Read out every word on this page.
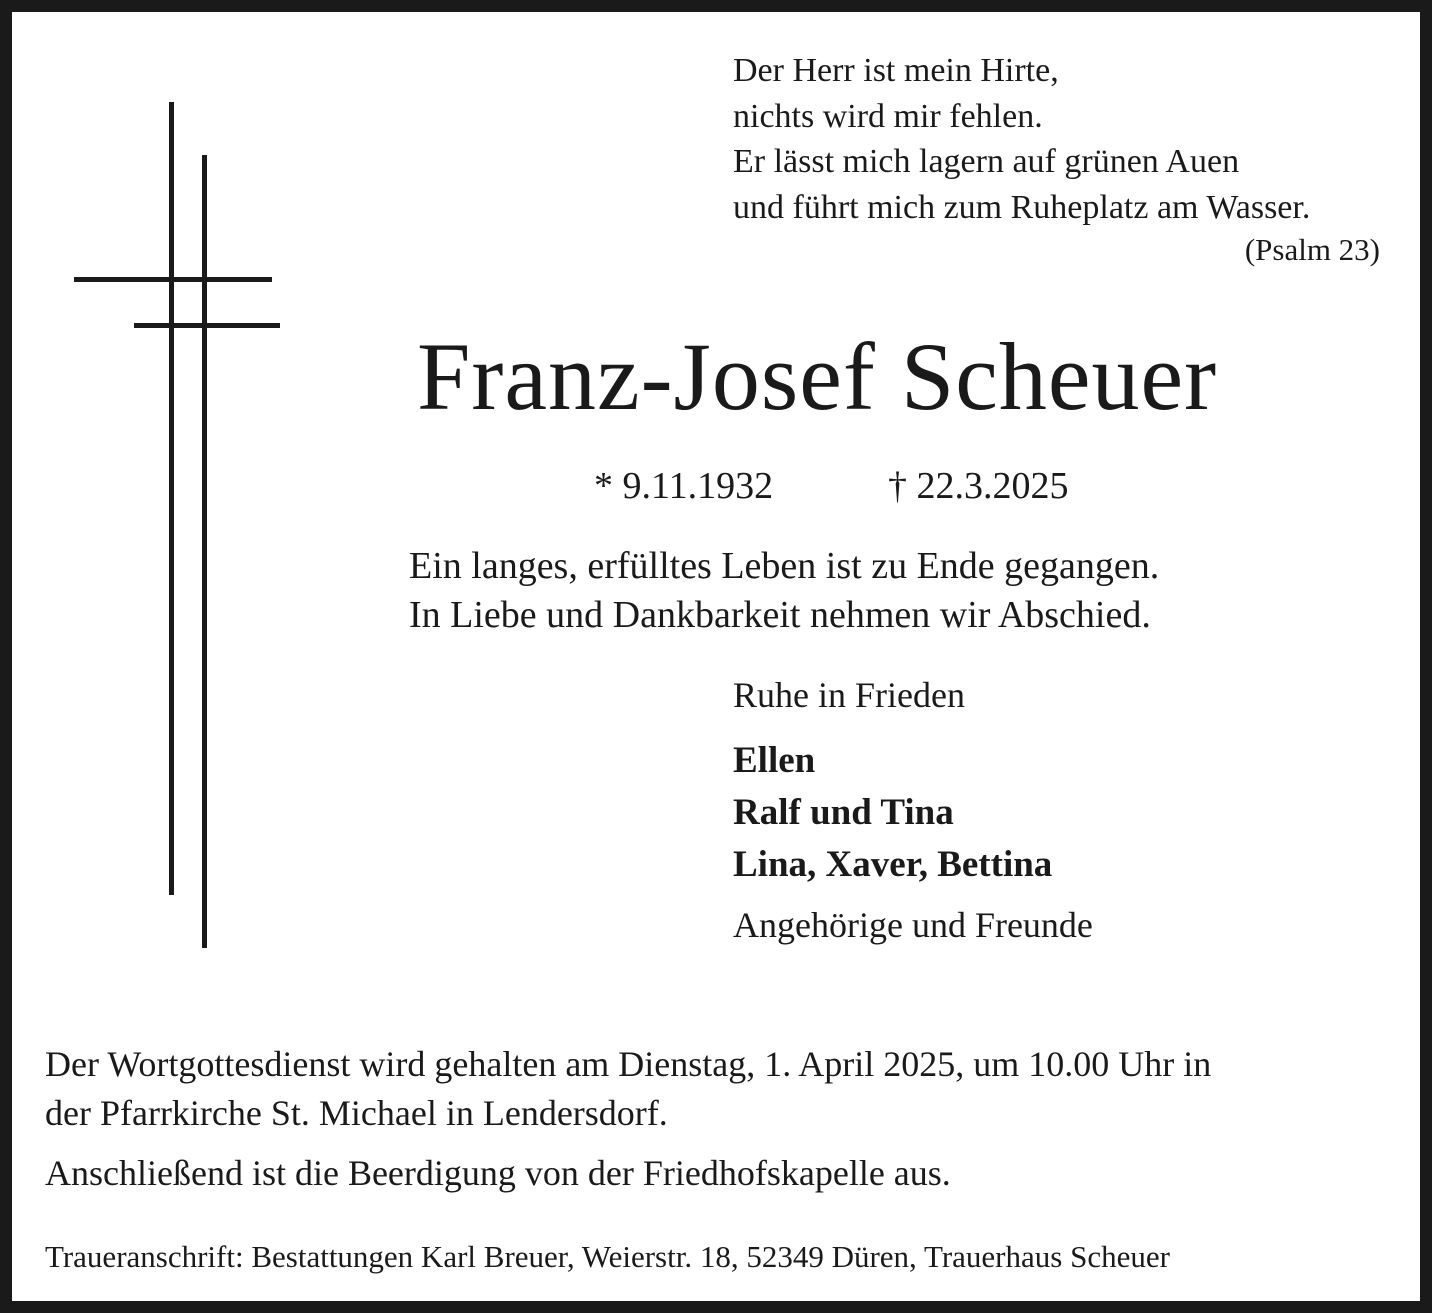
Der Herr ist mein Hirte,
nichts wird mir fehlen.
Er lässt mich lagern auf grünen Auen
und führt mich zum Ruheplatz am Wasser.
(Psalm 23)
Franz-Josef Scheuer
* 9.11.1932	† 22.3.2025
Ein langes, erfülltes Leben ist zu Ende gegangen.
In Liebe und Dankbarkeit nehmen wir Abschied.
Ruhe in Frieden
Ellen
Ralf und Tina
Lina, Xaver, Bettina
Angehörige und Freunde
Der Wortgottesdienst wird gehalten am Dienstag, 1. April 2025, um 10.00 Uhr in
der Pfarrkirche St. Michael in Lendersdorf.
Anschließend ist die Beerdigung von der Friedhofskapelle aus.
Traueranschrift: Bestattungen Karl Breuer, Weierstr. 18, 52349 Düren, Trauerhaus Scheuer
